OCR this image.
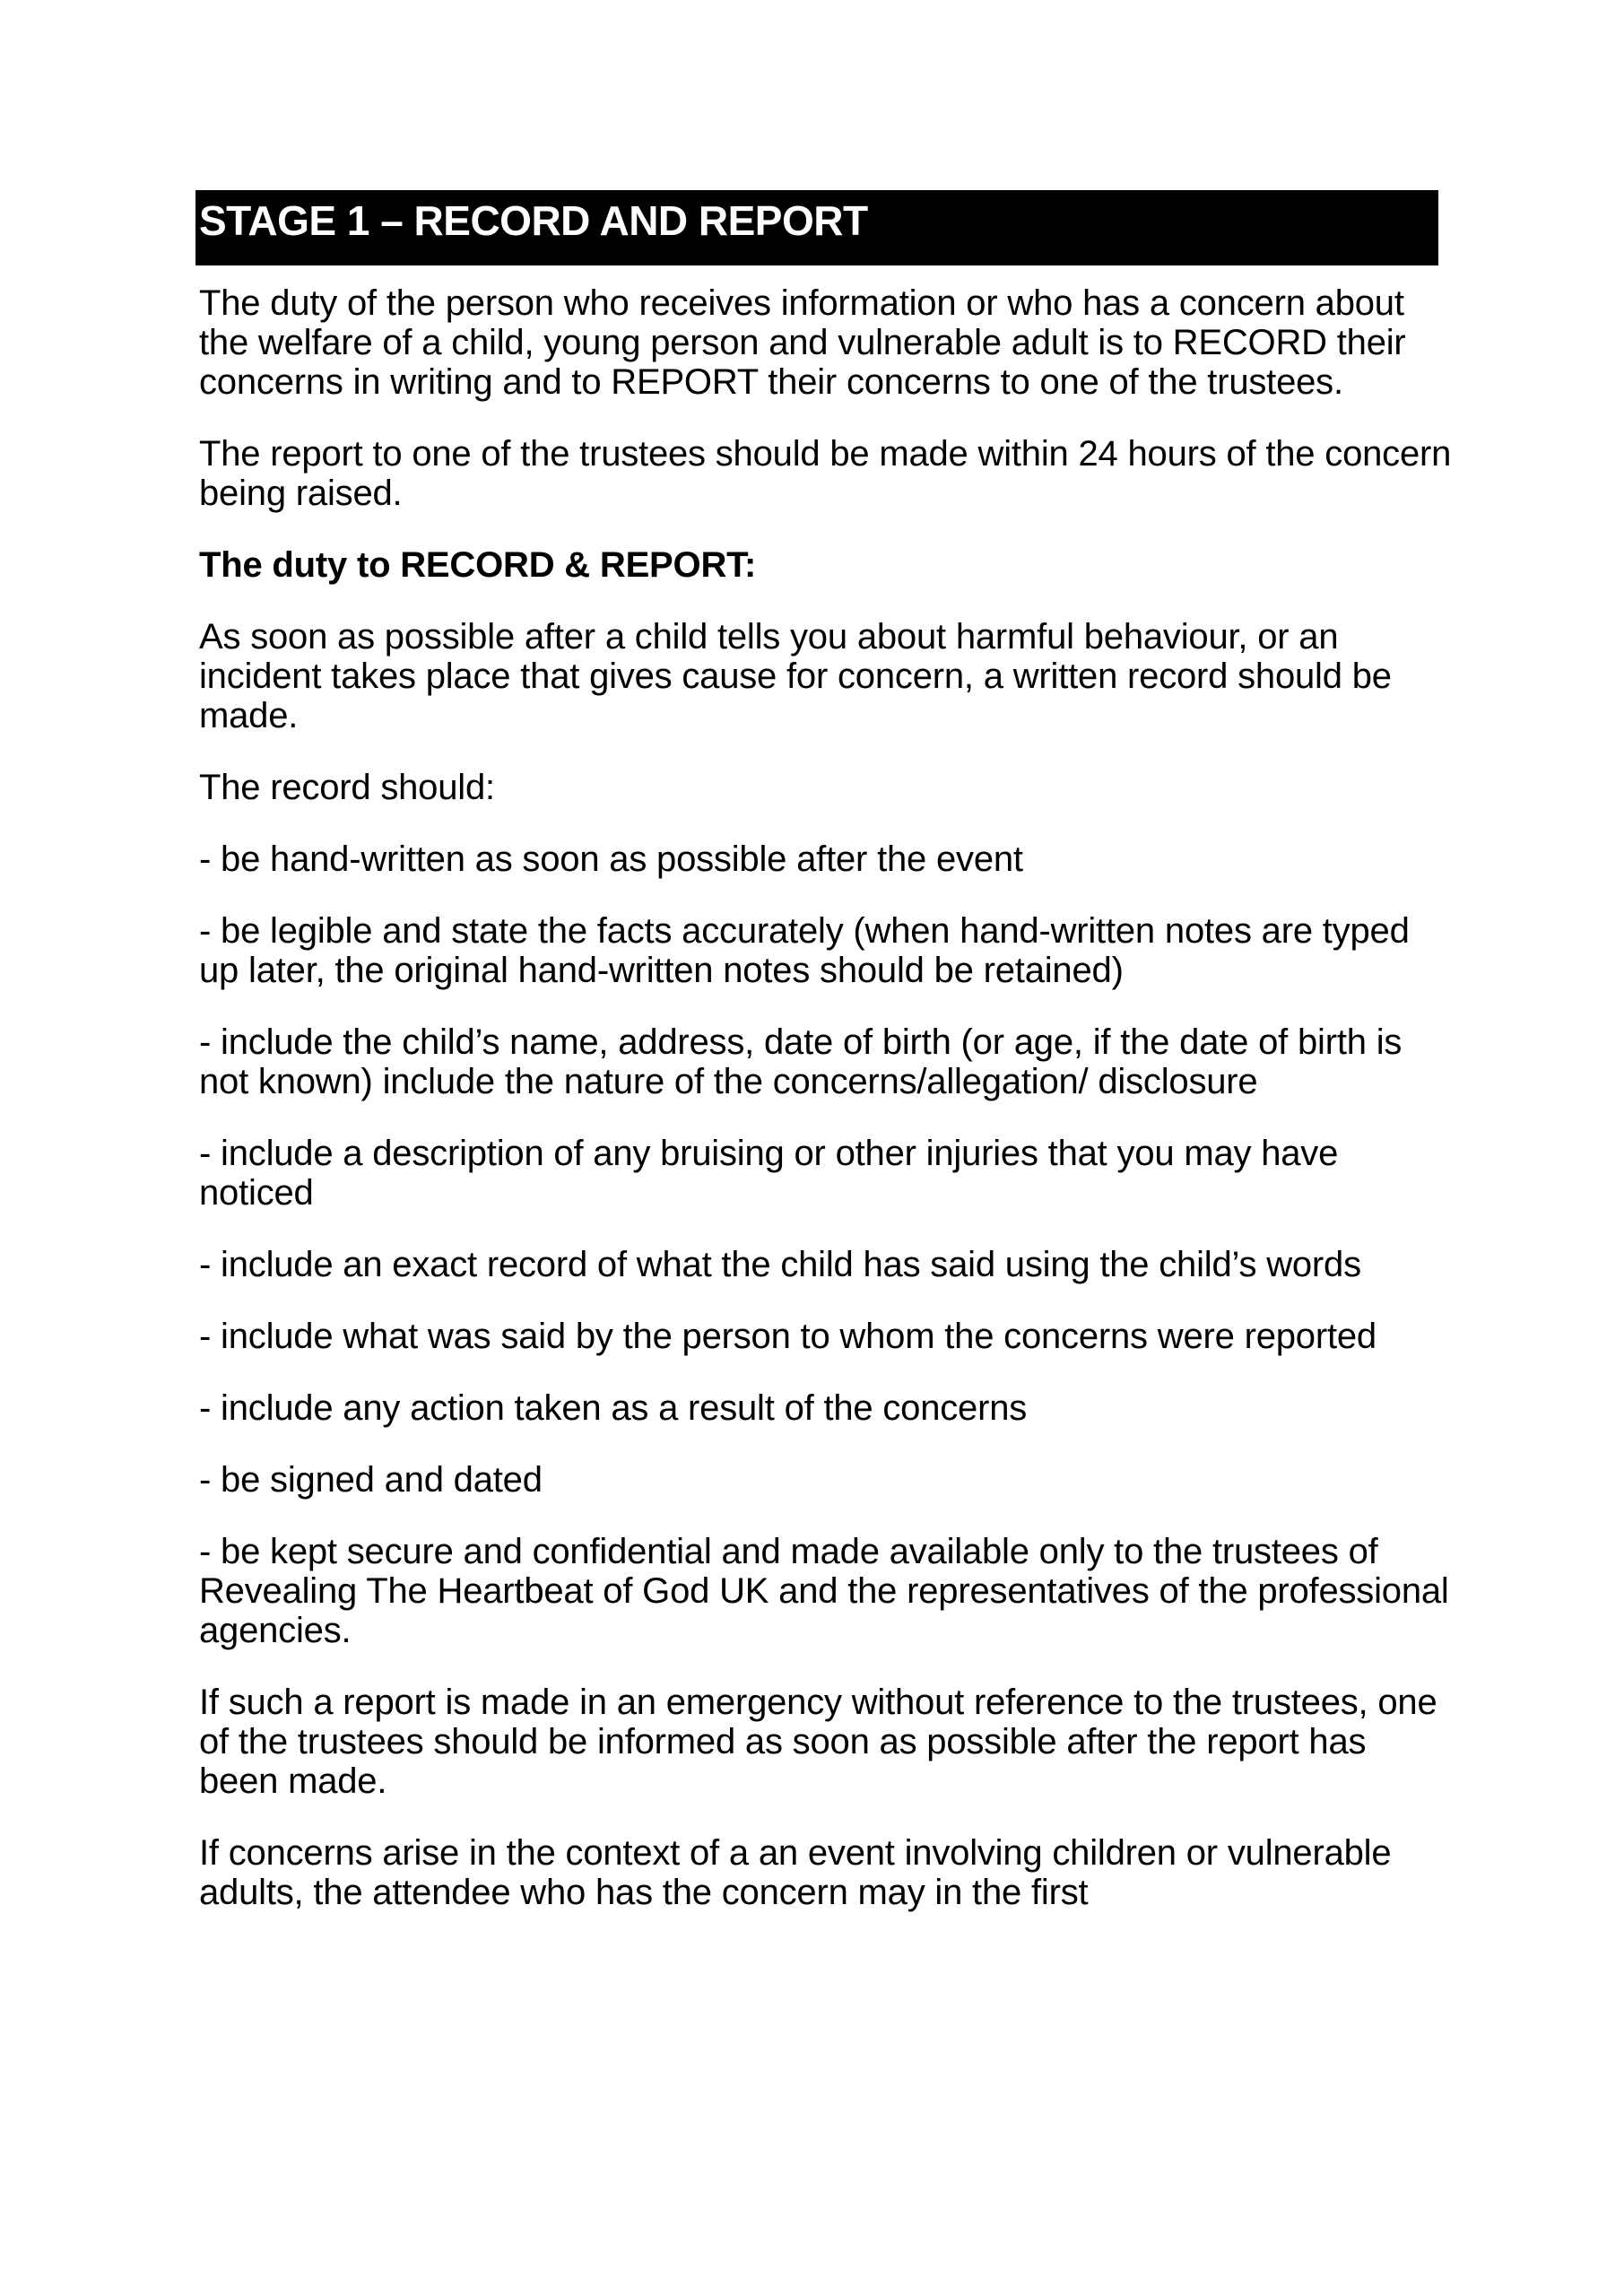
STAGE 1 – RECORD AND REPORT

The duty of the person who receives information or who has a concern about the welfare of a child, young person and vulnerable adult is to RECORD their concerns in writing and to REPORT their concerns to one of the trustees.

The report to one of the trustees should be made within 24 hours of the concern being raised.

The duty to RECORD & REPORT:

As soon as possible after a child tells you about harmful behaviour, or an incident takes place that gives cause for concern, a written record should be made.

The record should:

- be hand-written as soon as possible after the event

- be legible and state the facts accurately (when hand-written notes are typed up later, the original hand-written notes should be retained)

- include the child’s name, address, date of birth (or age, if the date of birth is not known) include the nature of the concerns/allegation/ disclosure

- include a description of any bruising or other injuries that you may have noticed

- include an exact record of what the child has said using the child’s words

- include what was said by the person to whom the concerns were reported

- include any action taken as a result of the concerns

- be signed and dated

- be kept secure and confidential and made available only to the trustees of Revealing The Heartbeat of God UK and the representatives of the professional agencies.

If such a report is made in an emergency without reference to the trustees, one of the trustees should be informed as soon as possible after the report has been made.

If concerns arise in the context of a an event involving children or vulnerable adults, the attendee who has the concern may in the first
